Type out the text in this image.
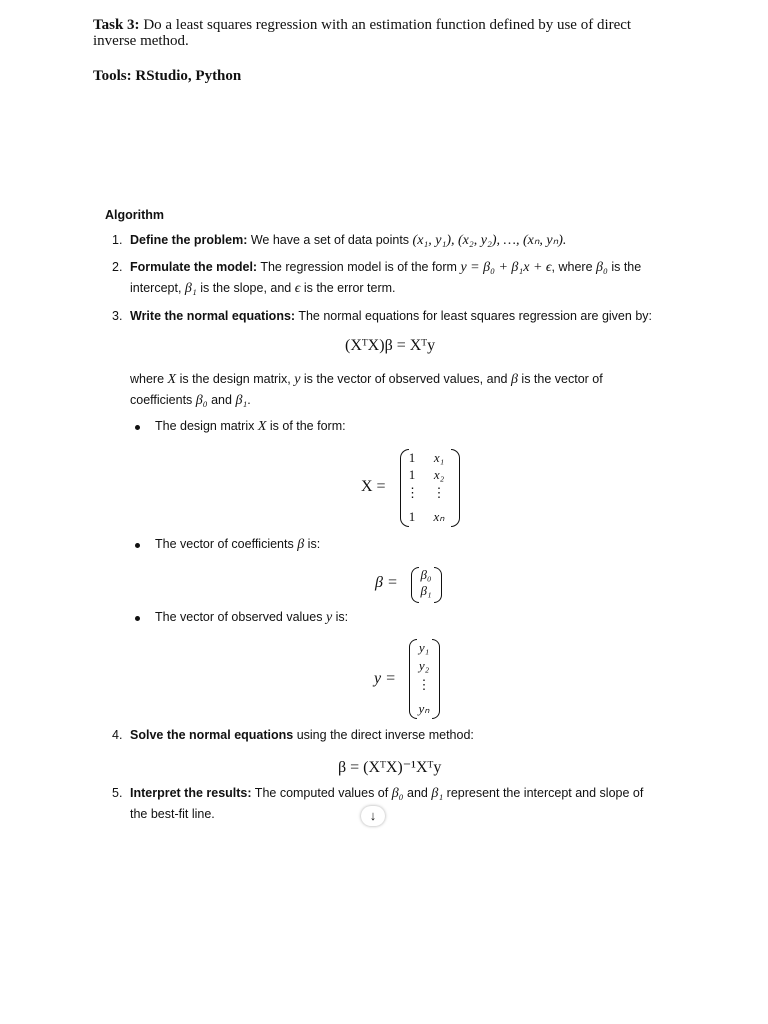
Task 3: Do a least squares regression with an estimation function defined by use of direct inverse method.
Tools: RStudio, Python
Algorithm
1. Define the problem: We have a set of data points (x₁, y₁), (x₂, y₂), …, (xₙ, yₙ).
2. Formulate the model: The regression model is of the form y = β₀ + β₁x + ϵ, where β₀ is the
intercept, β₁ is the slope, and ϵ is the error term.
3. Write the normal equations: The normal equations for least squares regression are given by:
(XᵀX)β = Xᵀy
where X is the design matrix, y is the vector of observed values, and β is the vector of
coefficients β₀ and β₁.
The design matrix X is of the form:
X =
1
1
⋮
1
x₁
x₂
⋮
xₙ
The vector of coefficients β is:
β =	β₀
β₁
The vector of observed values y is:
y =
y₁
y₂
⋮
yₙ
4. Solve the normal equations using the direct inverse method:
β = (XᵀX)⁻¹Xᵀy
5. Interpret the results: The computed values of β₀ and β₁ represent the intercept and slope of
the best-fit line.	↓
